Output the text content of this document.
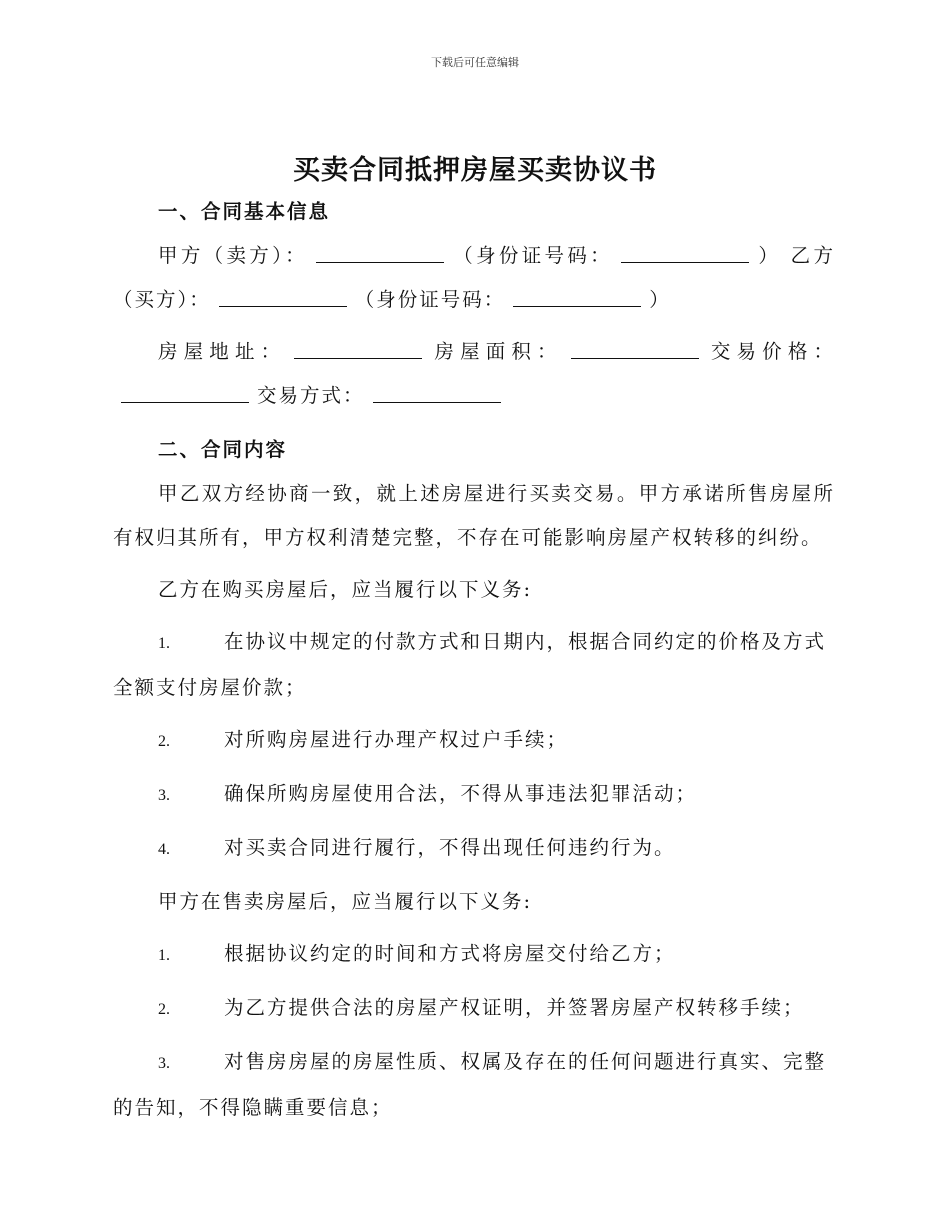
下载后可任意编辑
买卖合同抵押房屋买卖协议书
一、合同基本信息

甲方（卖方）：	（身份证号码：	） 乙方（买方）：	（身份证号码：	）

房屋地址：	房屋面积：	交易价格：交易方式：

二、合同内容

甲乙双方经协商一致，就上述房屋进行买卖交易。甲方承诺所售房屋所有权归其所有，甲方权利清楚完整，不存在可能影响房屋产权转移的纠纷。

乙方在购买房屋后，应当履行以下义务:

1.	在协议中规定的付款方式和日期内，根据合同约定的价格及方式全额支付房屋价款；
2.	对所购房屋进行办理产权过户手续；
3.	确保所购房屋使用合法，不得从事违法犯罪活动；
4.	对买卖合同进行履行，不得出现任何违约行为。

甲方在售卖房屋后，应当履行以下义务:

1.	根据协议约定的时间和方式将房屋交付给乙方；
2.	为乙方提供合法的房屋产权证明，并签署房屋产权转移手续；
3.	对售房房屋的房屋性质、权属及存在的任何问题进行真实、完整的告知，不得隐瞒重要信息；
